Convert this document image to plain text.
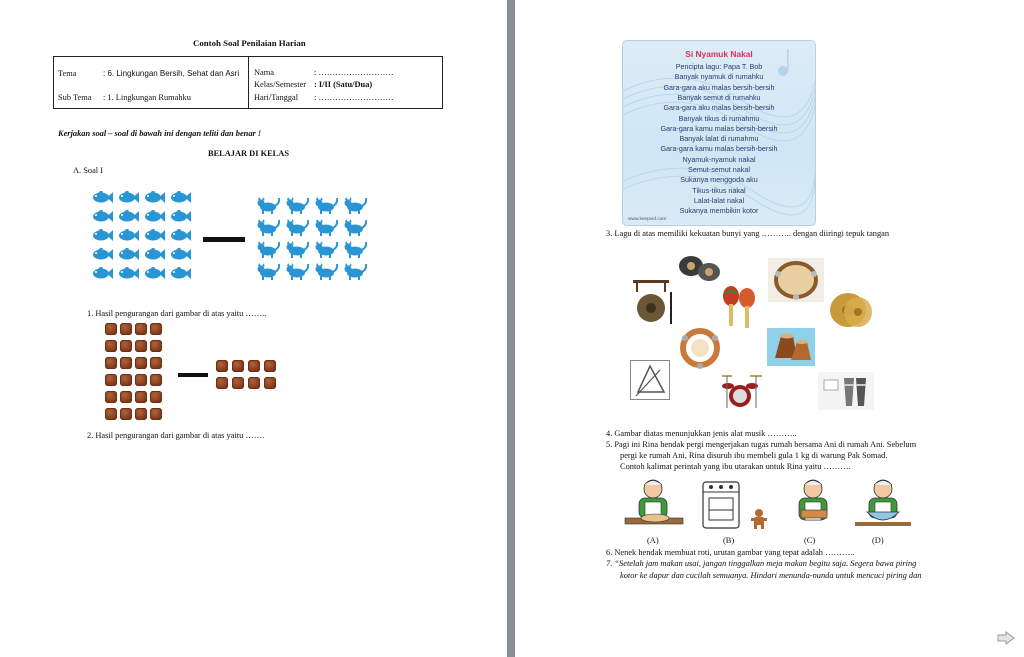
Contoh Soal Penilaian Harian
Tema	: 6. Lingkungan Bersih, Sehat dan Asri
Sub Tema : 1. Lingkungan Rumahku
Nama	: ………………………
Kelas/Semester : I/II (Satu/Dua)
Hari/Tanggal : ………………………
Kerjakan soal – soal di bawah ini dengan teliti dan benar !
BELAJAR DI KELAS
A. Soal I
1. Hasil pengurangan dari gambar di atas yaitu ……..
2. Hasil pengurangan dari gambar di atas yaitu …….
Si Nyamuk Nakal
Pencipta lagu: Papa T. Bob
Banyak nyamuk di rumahku
Gara-gara aku malas bersih-bersih
Banyak semut di rumahku
Gara-gara aku malas bersih-bersih
Banyak tikus di rumahmu
Gara-gara kamu malas bersih-bersih
Banyak lalat di rumahmu
Gara-gara kamu malas bersih-bersih
Nyamuk-nyamuk nakal
Semut-semut nakal
Sukanya menggoda aku
Tikus-tikus nakal
Lalat-lalat nakal
Sukanya membikin kotor
www.keepvid.com
3. Lagu di atas memiliki kekuatan bunyi yang ……….. dengan diiringi tepuk tangan
4. Gambar diatas menunjukkan jenis alat musik ………..
5. Pagi ini Rina hendak pergi mengerjakan tugas rumah bersama Ani di rumah Ani. Sebelum
pergi ke rumah Ani, Rina disuruh ibu membeli gula 1 kg di warung Pak Somad.
Contoh kalimat perintah yang ibu utarakan untuk Rina yaitu ……….
(A)	(B)	(C)	(D)
6. Nenek hendak membuat roti, urutan gambar yang tepat adalah ………..
7. “Setelah jam makan usai, jangan tinggalkan meja makan begitu saja. Segera bawa piring
kotor ke dapur dan cucilah semuanya. Hindari menunda-nunda untuk mencuci piring dan
